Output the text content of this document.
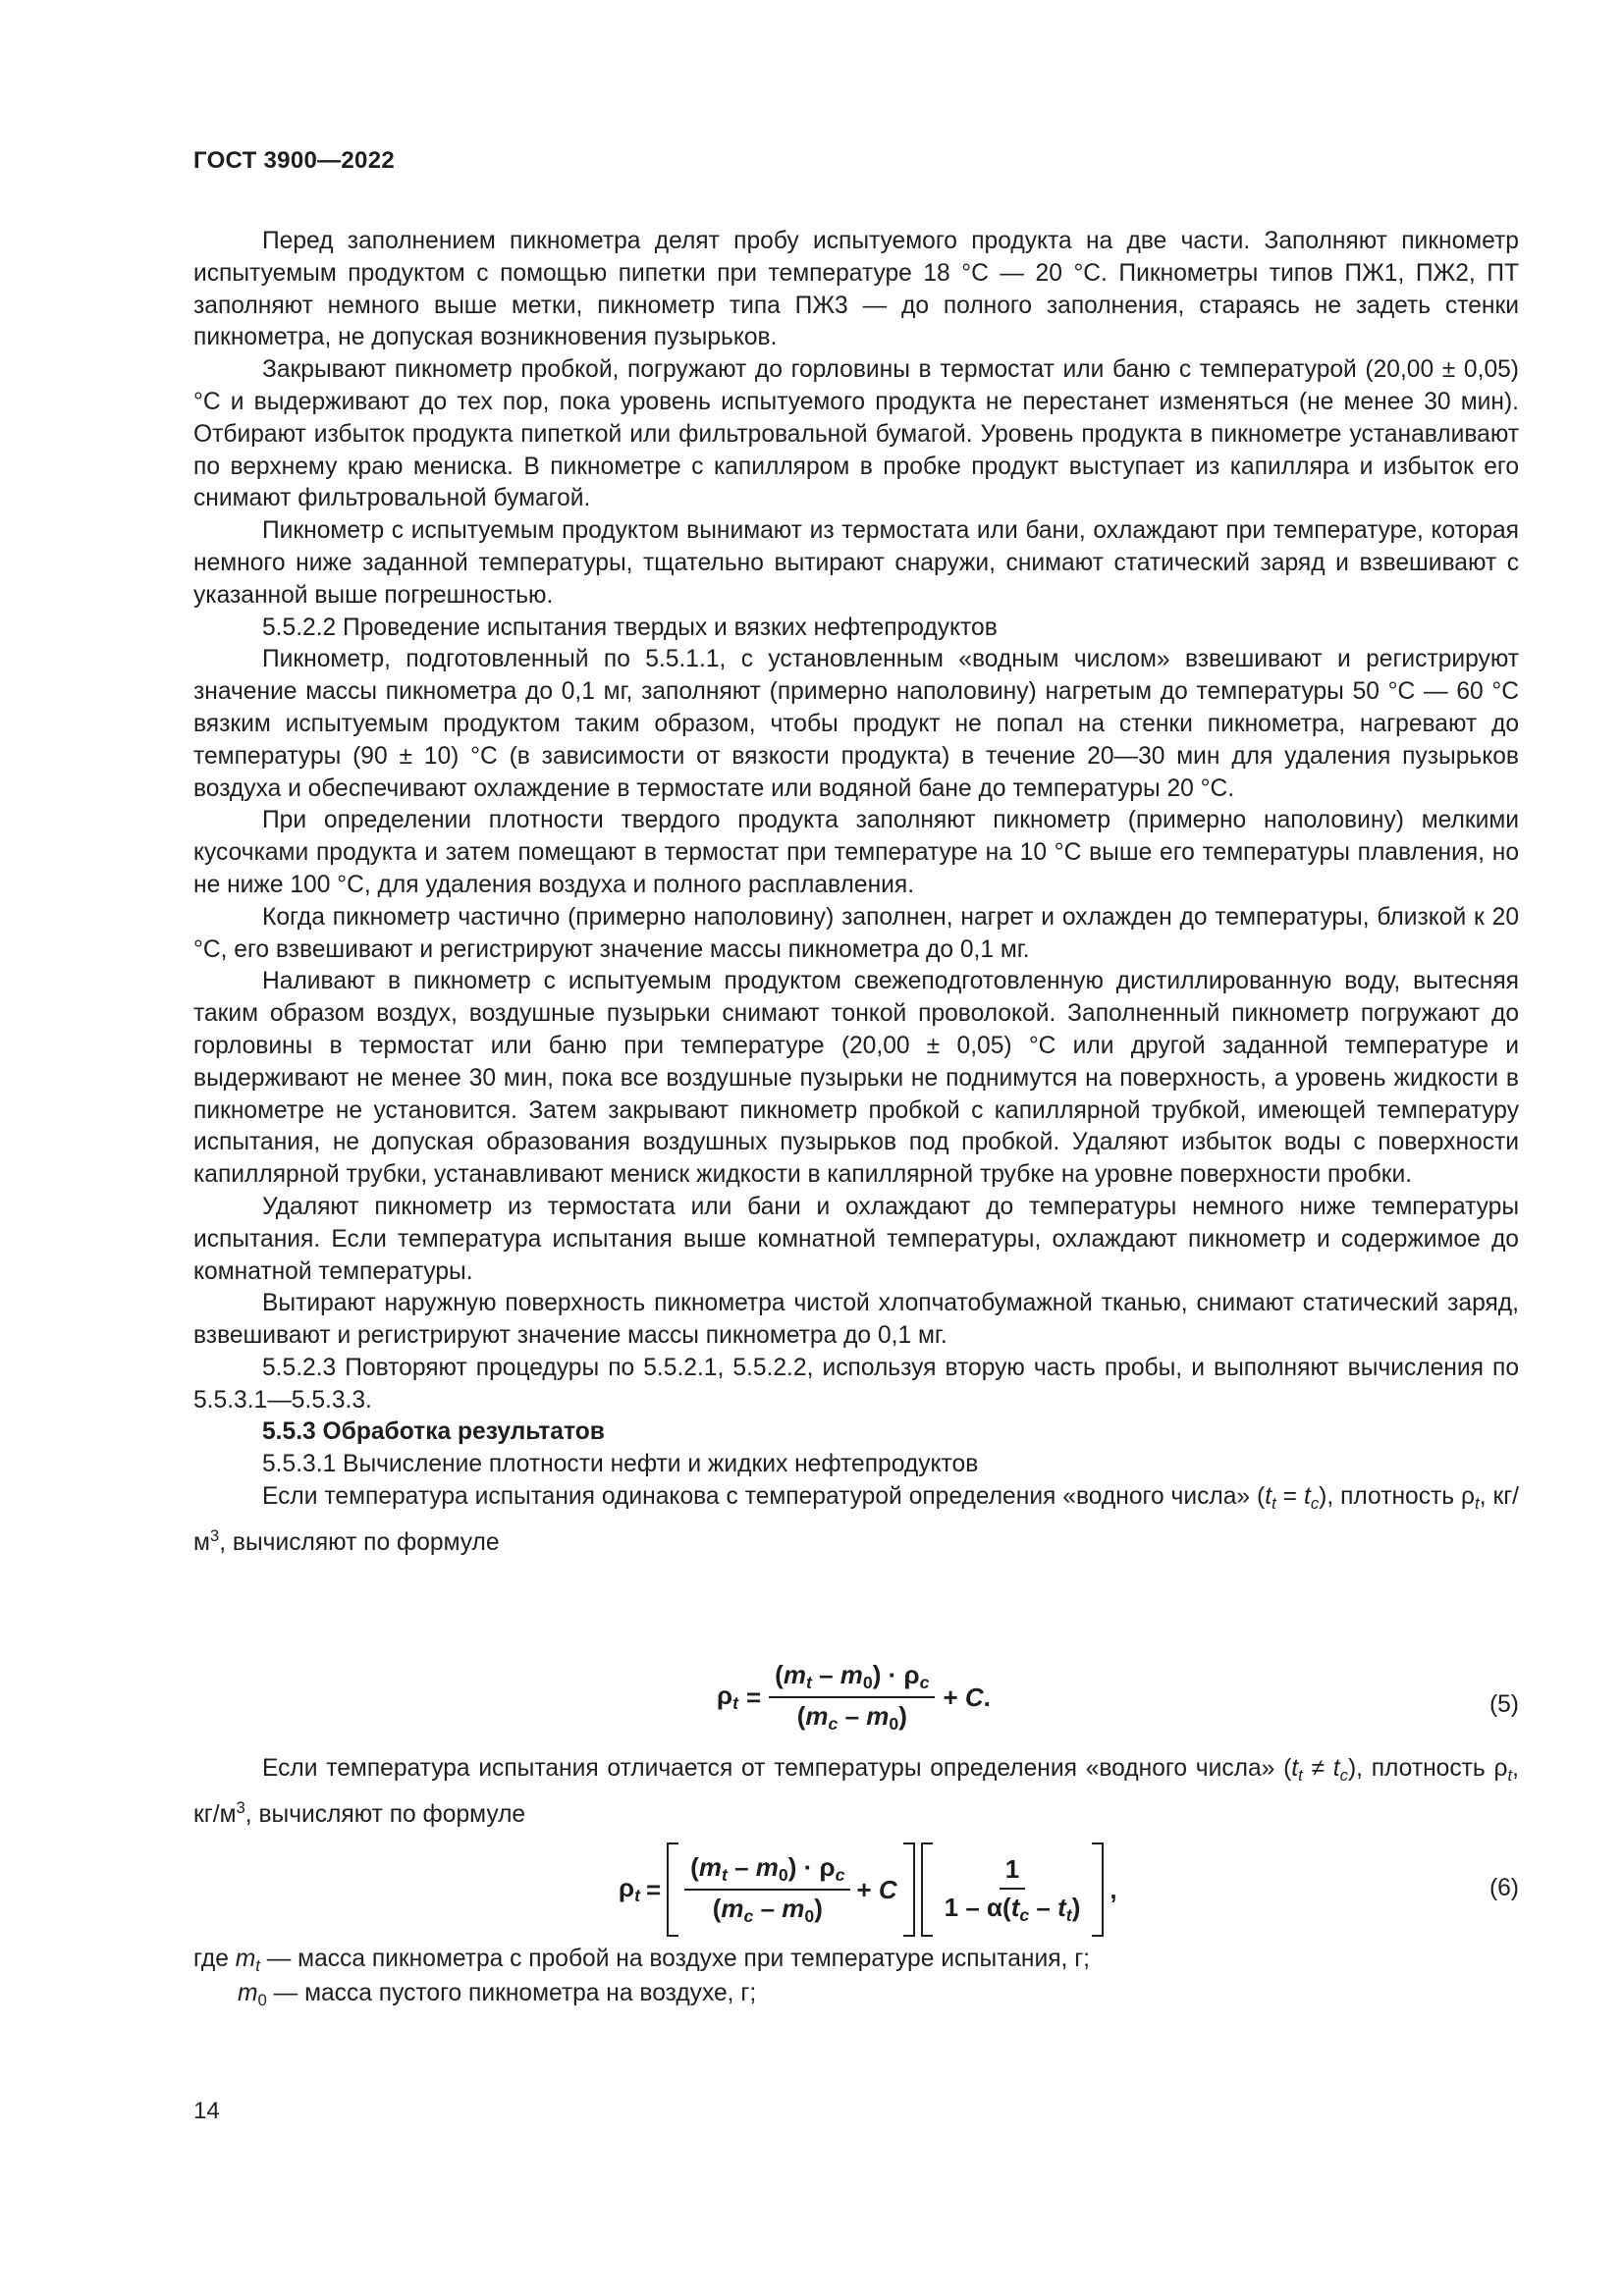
ГОСТ 3900—2022

Перед заполнением пикнометра делят пробу испытуемого продукта на две части. Заполняют пикнометр испытуемым продуктом с помощью пипетки при температуре 18 °С — 20 °С. Пикнометры типов ПЖ1, ПЖ2, ПТ заполняют немного выше метки, пикнометр типа ПЖ3 — до полного заполнения, стараясь не задеть стенки пикнометра, не допуская возникновения пузырьков.

Закрывают пикнометр пробкой, погружают до горловины в термостат или баню с температурой (20,00 ± 0,05) °С и выдерживают до тех пор, пока уровень испытуемого продукта не перестанет изменяться (не менее 30 мин). Отбирают избыток продукта пипеткой или фильтровальной бумагой. Уровень продукта в пикнометре устанавливают по верхнему краю мениска. В пикнометре с капилляром в пробке продукт выступает из капилляра и избыток его снимают фильтровальной бумагой.

Пикнометр с испытуемым продуктом вынимают из термостата или бани, охлаждают при температуре, которая немного ниже заданной температуры, тщательно вытирают снаружи, снимают статический заряд и взвешивают с указанной выше погрешностью.

5.5.2.2 Проведение испытания твердых и вязких нефтепродуктов

Пикнометр, подготовленный по 5.5.1.1, с установленным «водным числом» взвешивают и регистрируют значение массы пикнометра до 0,1 мг, заполняют (примерно наполовину) нагретым до температуры 50 °С — 60 °С вязким испытуемым продуктом таким образом, чтобы продукт не попал на стенки пикнометра, нагревают до температуры (90 ± 10) °С (в зависимости от вязкости продукта) в течение 20—30 мин для удаления пузырьков воздуха и обеспечивают охлаждение в термостате или водяной бане до температуры 20 °С.

При определении плотности твердого продукта заполняют пикнометр (примерно наполовину) мелкими кусочками продукта и затем помещают в термостат при температуре на 10 °С выше его температуры плавления, но не ниже 100 °С, для удаления воздуха и полного расплавления.

Когда пикнометр частично (примерно наполовину) заполнен, нагрет и охлажден до температуры, близкой к 20 °С, его взвешивают и регистрируют значение массы пикнометра до 0,1 мг.

Наливают в пикнометр с испытуемым продуктом свежеподготовленную дистиллированную воду, вытесняя таким образом воздух, воздушные пузырьки снимают тонкой проволокой. Заполненный пикнометр погружают до горловины в термостат или баню при температуре (20,00 ± 0,05) °С или другой заданной температуре и выдерживают не менее 30 мин, пока все воздушные пузырьки не поднимутся на поверхность, а уровень жидкости в пикнометре не установится. Затем закрывают пикнометр пробкой с капиллярной трубкой, имеющей температуру испытания, не допуская образования воздушных пузырьков под пробкой. Удаляют избыток воды с поверхности капиллярной трубки, устанавливают мениск жидкости в капиллярной трубке на уровне поверхности пробки.

Удаляют пикнометр из термостата или бани и охлаждают до температуры немного ниже температуры испытания. Если температура испытания выше комнатной температуры, охлаждают пикнометр и содержимое до комнатной температуры.

Вытирают наружную поверхность пикнометра чистой хлопчатобумажной тканью, снимают статический заряд, взвешивают и регистрируют значение массы пикнометра до 0,1 мг.

5.5.2.3 Повторяют процедуры по 5.5.2.1, 5.5.2.2, используя вторую часть пробы, и выполняют вычисления по 5.5.3.1—5.5.3.3.

5.5.3 Обработка результатов

5.5.3.1 Вычисление плотности нефти и жидких нефтепродуктов

Если температура испытания одинакова с температурой определения «водного числа» $(t_t = t_c)$, плотность $\rho_t$, $кг/м^3$, вычисляют по формуле

$\rho_t = \frac{(m_t - m_0) \cdot \rho_c}{(m_c - m_0)} + C$.	(5)
Если температура испытания отличается от температуры определения «водного числа» $(t_t \ne t_c)$, плотность $\rho_t$, $кг/м^3$, вычисляют по формуле
$\rho_t = \frac{(m_t - m_0) \cdot \rho_c}{(m_c - m_0)} + C \frac{1}{1 - \alpha(t_c - t_t)}$ ,	(6)
где $m_t$ — масса пикнометра с пробой на воздухе при температуре испытания, г;
$m_0$ — масса пустого пикнометра на воздухе, г;
14
